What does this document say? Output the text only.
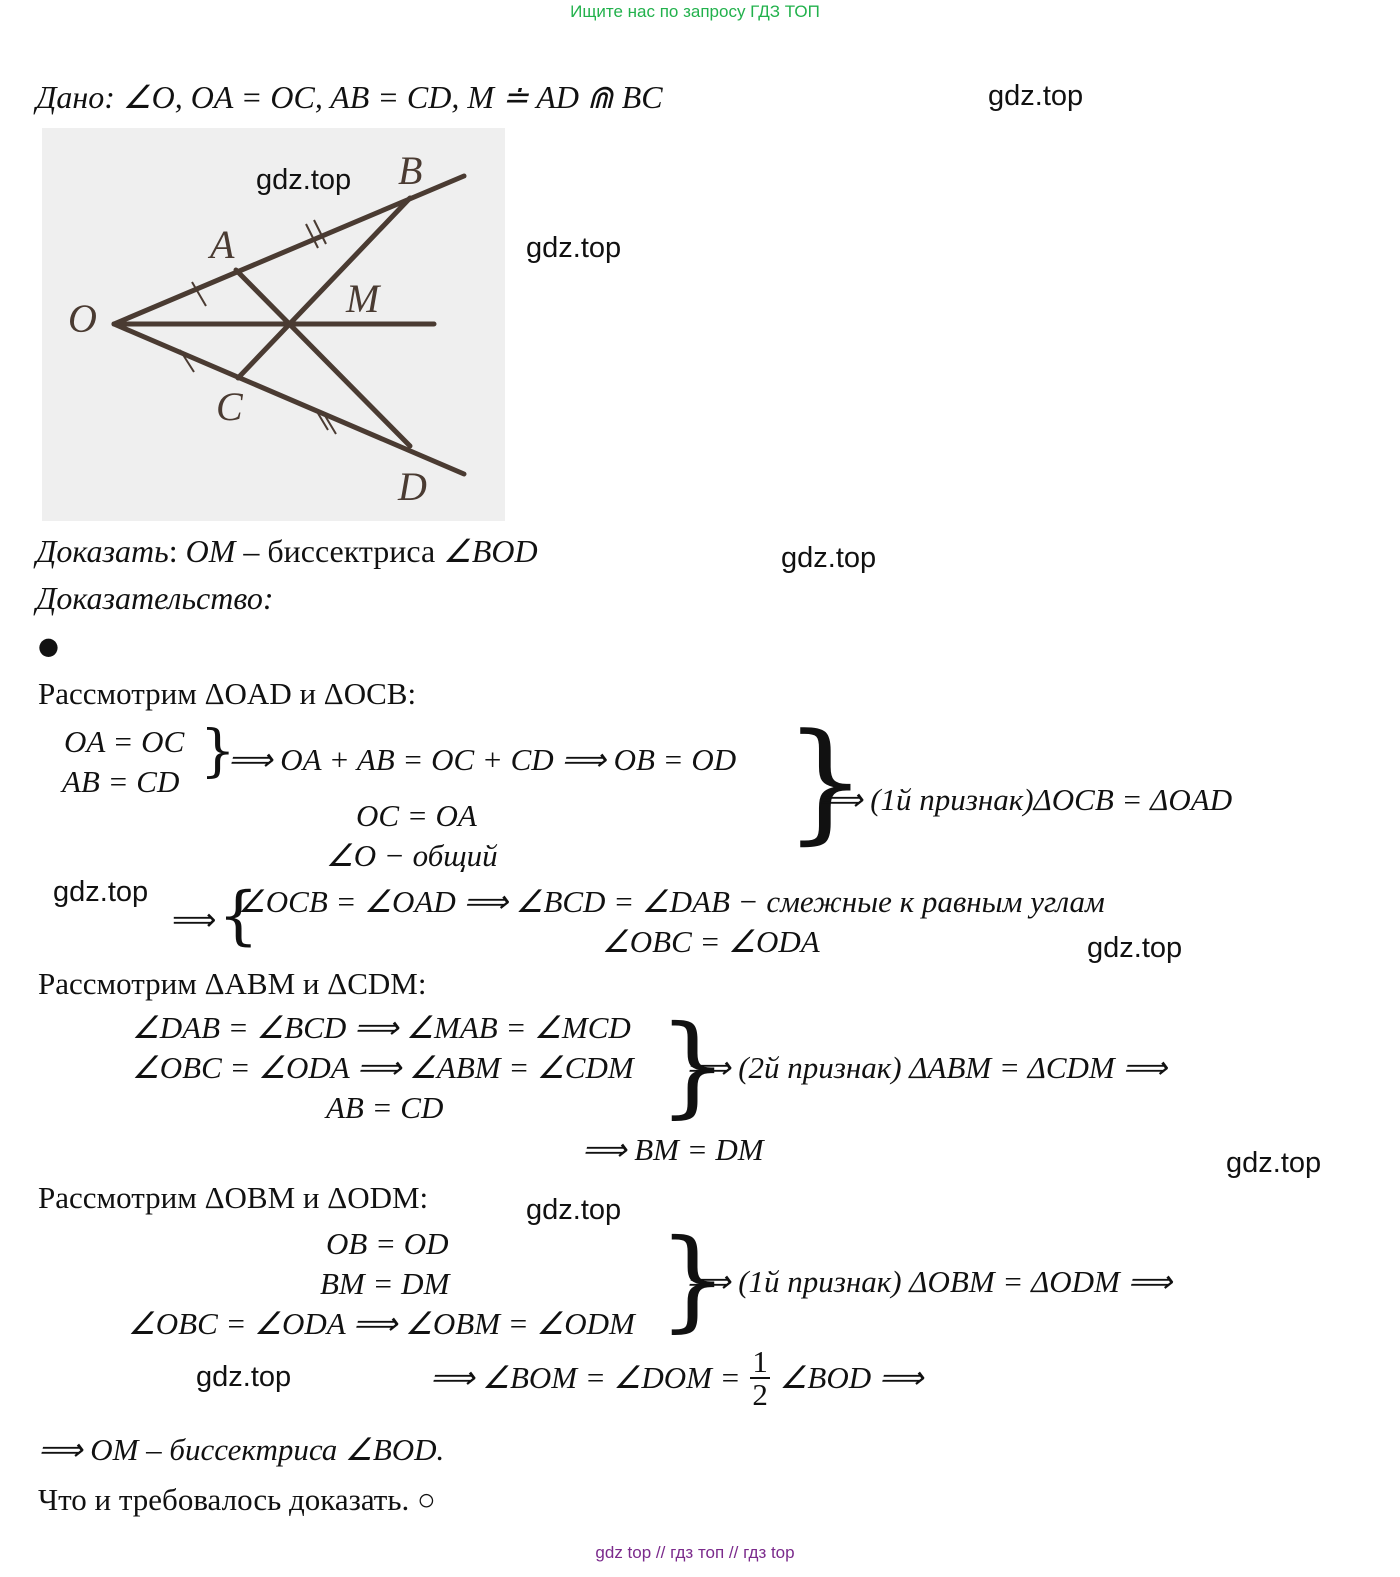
Ищите нас по запросу ГДЗ ТОП
Дано: ∠O, OA = OC, AB = CD, M ≐ AD ⋒ BC
O
A
B
M
C
D
gdz.top
gdz.top
gdz.top
gdz.top
gdz.top
gdz.top
gdz.top
gdz.top
gdz.top
Доказать: OM – биссектриса ∠BOD
Доказательство:
●
Рассмотрим ΔOAD и ΔOCB:
OA = OC
AB = CD }
⟹ OA + AB = OC + CD ⟹ OB = OD
OC = OA
∠O − общий }
⟹ (1й признак)ΔOCB = ΔOAD
⟹ {
∠OCB = ∠OAD ⟹ ∠BCD = ∠DAB − смежные к равным углам
∠OBC = ∠ODA
Рассмотрим ΔABM и ΔCDM:
∠DAB = ∠BCD ⟹ ∠MAB = ∠MCD
∠OBC = ∠ODA ⟹ ∠ABM = ∠CDM
AB = CD }
⟹ (2й признак) ΔABM = ΔCDM ⟹
⟹ BM = DM
Рассмотрим ΔOBM и ΔODM:
OB = OD
BM = DM
∠OBC = ∠ODA ⟹ ∠OBM = ∠ODM }
⟹ (1й признак) ΔOBM = ΔODM ⟹
⟹ ∠BOM = ∠DOM = $\frac{1}{2}$ ∠BOD ⟹
⟹ OM – биссектриса ∠BOD.
Что и требовалось доказать. ○
gdz top // гдз топ // гдз top
